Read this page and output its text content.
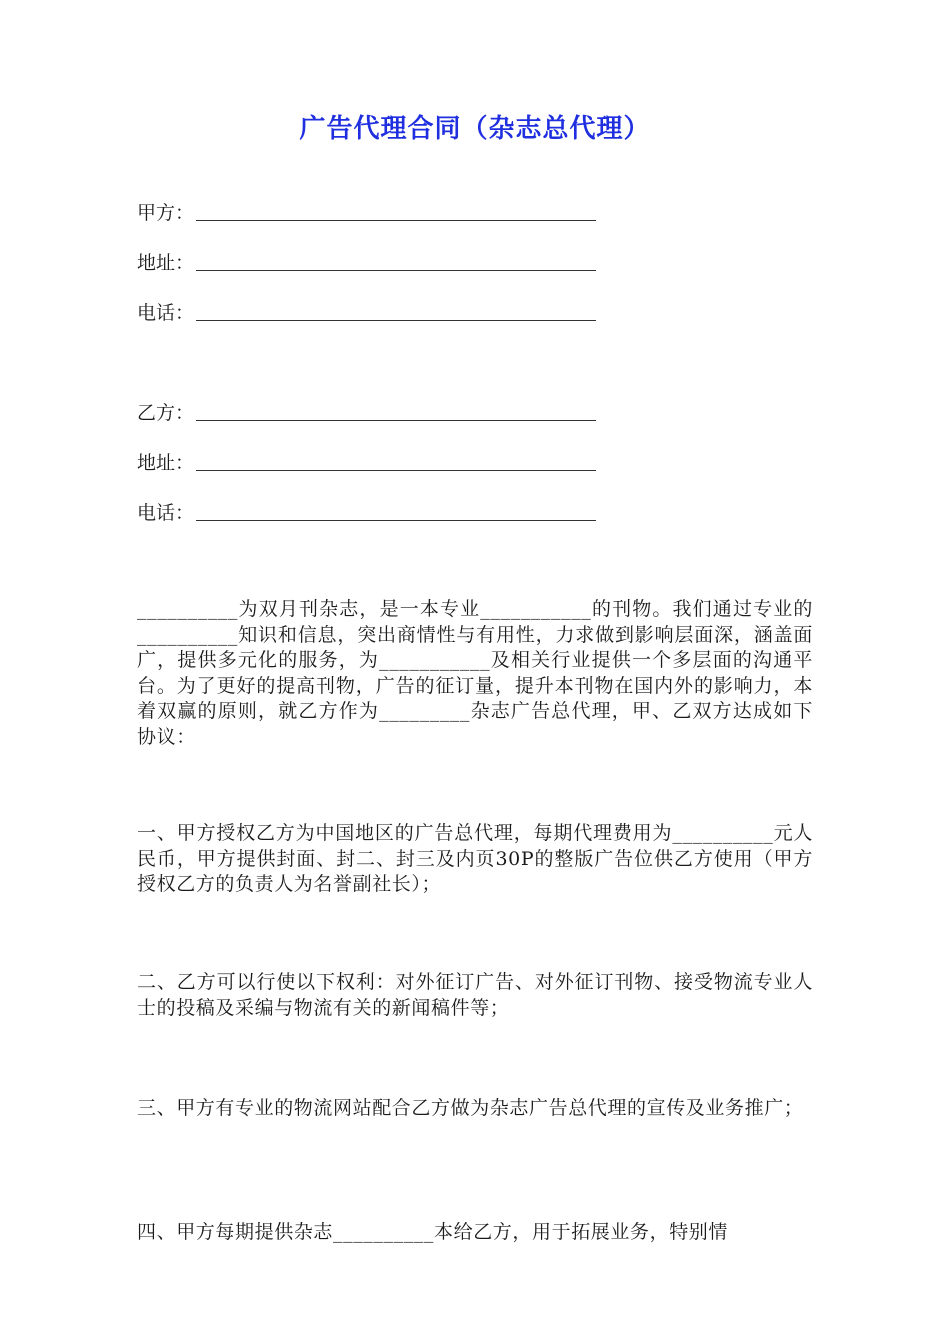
广告代理合同（杂志总代理）
甲方：
地址：
电话：
乙方：
地址：
电话：
__________为双月刊杂志，是一本专业___________的刊物。我们通过专业的__________知识和信息，突出商情性与有用性，力求做到影响层面深，涵盖面广，提供多元化的服务，为___________及相关行业提供一个多层面的沟通平台。为了更好的提高刊物，广告的征订量，提升本刊物在国内外的影响力，本着双赢的原则，就乙方作为_________杂志广告总代理，甲、乙双方达成如下协议：
一、甲方授权乙方为中国地区的广告总代理，每期代理费用为__________元人民币，甲方提供封面、封二、封三及内页30P的整版广告位供乙方使用（甲方授权乙方的负责人为名誉副社长）；
二、乙方可以行使以下权利：对外征订广告、对外征订刊物、接受物流专业人士的投稿及采编与物流有关的新闻稿件等；
三、甲方有专业的物流网站配合乙方做为杂志广告总代理的宣传及业务推广；
四、甲方每期提供杂志__________本给乙方，用于拓展业务，特别情
